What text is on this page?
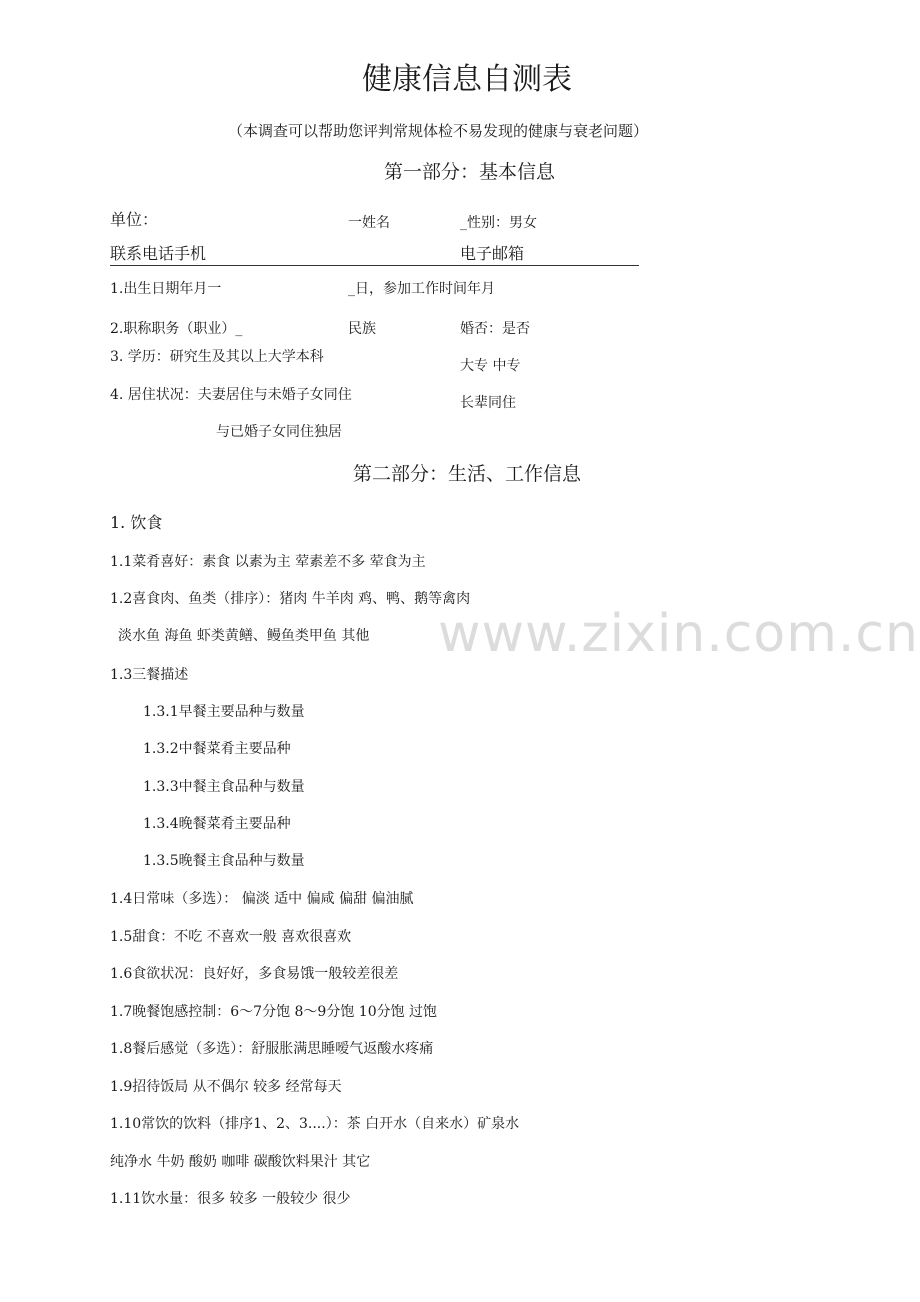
健康信息自测表
（本调查可以帮助您评判常规体检不易发现的健康与衰老问题）
第一部分：基本信息
单位：	一姓名	_性别：男女
联系电话手机	电子邮箱
1.出生日期年月一	_日，参加工作时间年月
2.职称职务（职业）_	民族	婚否：是否
3. 学历：研究生及其以上大学本科
大专 中专
4. 居住状况：夫妻居住与未婚子女同住	长辈同住
与已婚子女同住独居
第二部分：生活、工作信息
1. 饮食
1.1菜肴喜好：素食 以素为主 荤素差不多 荤食为主
1.2喜食肉、鱼类（排序）：猪肉 牛羊肉 鸡、鸭、鹅等禽肉
淡水鱼 海鱼 虾类黄鳝、鳗鱼类甲鱼 其他
1.3三餐描述
1.3.1早餐主要品种与数量
1.3.2中餐菜肴主要品种
1.3.3中餐主食品种与数量
1.3.4晚餐菜肴主要品种
1.3.5晚餐主食品种与数量
1.4日常味（多选）： 偏淡 适中 偏咸 偏甜 偏油腻
1.5甜食：不吃 不喜欢一般 喜欢很喜欢
1.6食欲状况：良好好，多食易饿一般较差很差
1.7晚餐饱感控制：6～7分饱 8～9分饱 10分饱 过饱
1.8餐后感觉（多选）：舒服胀满思睡嗳气返酸水疼痛
1.9招待饭局 从不偶尔 较多 经常每天
1.10常饮的饮料（排序1、2、3....）：茶 白开水（自来水）矿泉水
纯净水 牛奶 酸奶 咖啡 碳酸饮料果汁 其它
1.11饮水量：很多 较多 一般较少 很少
www.zixin.com.cn
